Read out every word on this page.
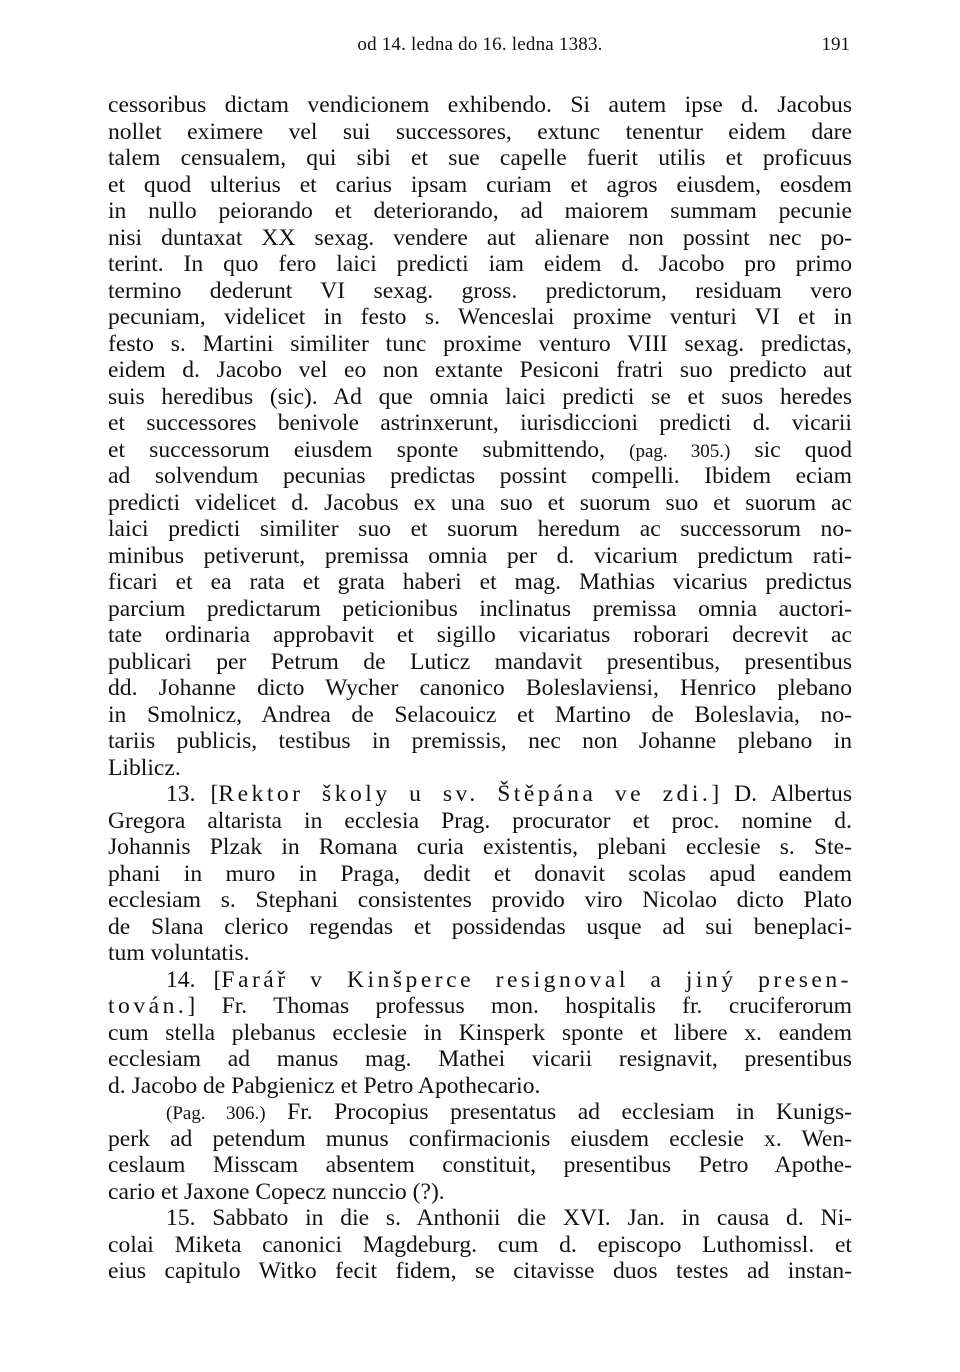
od 14. ledna do 16. ledna 1383.	191
cessoribus dictam vendicionem exhibendo. Si autem ipse d. Jacobus
nollet eximere vel sui successores, extunc tenentur eidem dare
talem censualem, qui sibi et sue capelle fuerit utilis et proficuus
et quod ulterius et carius ipsam curiam et agros eiusdem, eosdem
in nullo peiorando et deteriorando, ad maiorem summam pecunie
nisi duntaxat XX sexag. vendere aut alienare non possint nec po-
terint. In quo fero laici predicti iam eidem d. Jacobo pro primo
termino dederunt VI sexag. gross. predictorum, residuam vero
pecuniam, videlicet in festo s. Wenceslai proxime venturi VI et in
festo s. Martini similiter tunc proxime venturo VIII sexag. predictas,
eidem d. Jacobo vel eo non extante Pesiconi fratri suo predicto aut
suis heredibus (sic). Ad que omnia laici predicti se et suos heredes
et successores benivole astrinxerunt, iurisdiccioni predicti d. vicarii
et successorum eiusdem sponte submittendo, (pag. 305.) sic quod
ad solvendum pecunias predictas possint compelli. Ibidem eciam
predicti videlicet d. Jacobus ex una suo et suorum suo et suorum ac
laici predicti similiter suo et suorum heredum ac successorum no-
minibus petiverunt, premissa omnia per d. vicarium predictum rati-
ficari et ea rata et grata haberi et mag. Mathias vicarius predictus
parcium predictarum peticionibus inclinatus premissa omnia auctori-
tate ordinaria approbavit et sigillo vicariatus roborari decrevit ac
publicari per Petrum de Luticz mandavit presentibus, presentibus
dd. Johanne dicto Wycher canonico Boleslaviensi, Henrico plebano
in Smolnicz, Andrea de Selacouicz et Martino de Boleslavia, no-
tariis publicis, testibus in premissis, nec non Johanne plebano in
Liblicz.
13. [Rektor školy u sv. Štěpána ve zdi.] D. Albertus
Gregora altarista in ecclesia Prag. procurator et proc. nomine d.
Johannis Plzak in Romana curia existentis, plebani ecclesie s. Ste-
phani in muro in Praga, dedit et donavit scolas apud eandem
ecclesiam s. Stephani consistentes provido viro Nicolao dicto Plato
de Slana clerico regendas et possidendas usque ad sui beneplaci-
tum voluntatis.
14. [Farář v Kinšperce resignoval a jiný presen-
tován.] Fr. Thomas professus mon. hospitalis fr. cruciferorum
cum stella plebanus ecclesie in Kinsperk sponte et libere x. eandem
ecclesiam ad manus mag. Mathei vicarii resignavit, presentibus
d. Jacobo de Pabgienicz et Petro Apothecario.
(Pag. 306.) Fr. Procopius presentatus ad ecclesiam in Kunigs-
perk ad petendum munus confirmacionis eiusdem ecclesie x. Wen-
ceslaum Misscam absentem constituit, presentibus Petro Apothe-
cario et Jaxone Copecz nunccio (?).
15. Sabbato in die s. Anthonii die XVI. Jan. in causa d. Ni-
colai Miketa canonici Magdeburg. cum d. episcopo Luthomissl. et
eius capitulo Witko fecit fidem, se citavisse duos testes ad instan-
